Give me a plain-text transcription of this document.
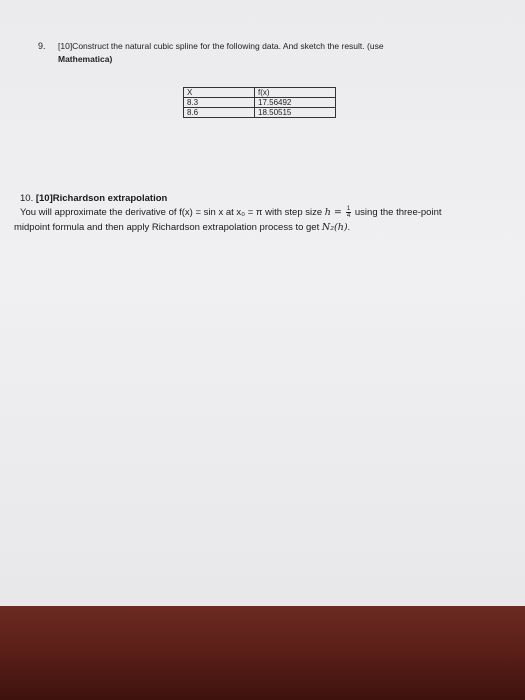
9. [10]Construct the natural cubic spline for the following data. And sketch the result. (use
Mathematica)
X	f(x)
8.3	17.56492
8.6	18.50515
10. [10]Richardson extrapolation
You will approximate the derivative of f(x) = sin x at x₀ = π with step size $h = \frac{1}{4}$ using the three-point
midpoint formula and then apply Richardson extrapolation process to get N₂(h).
